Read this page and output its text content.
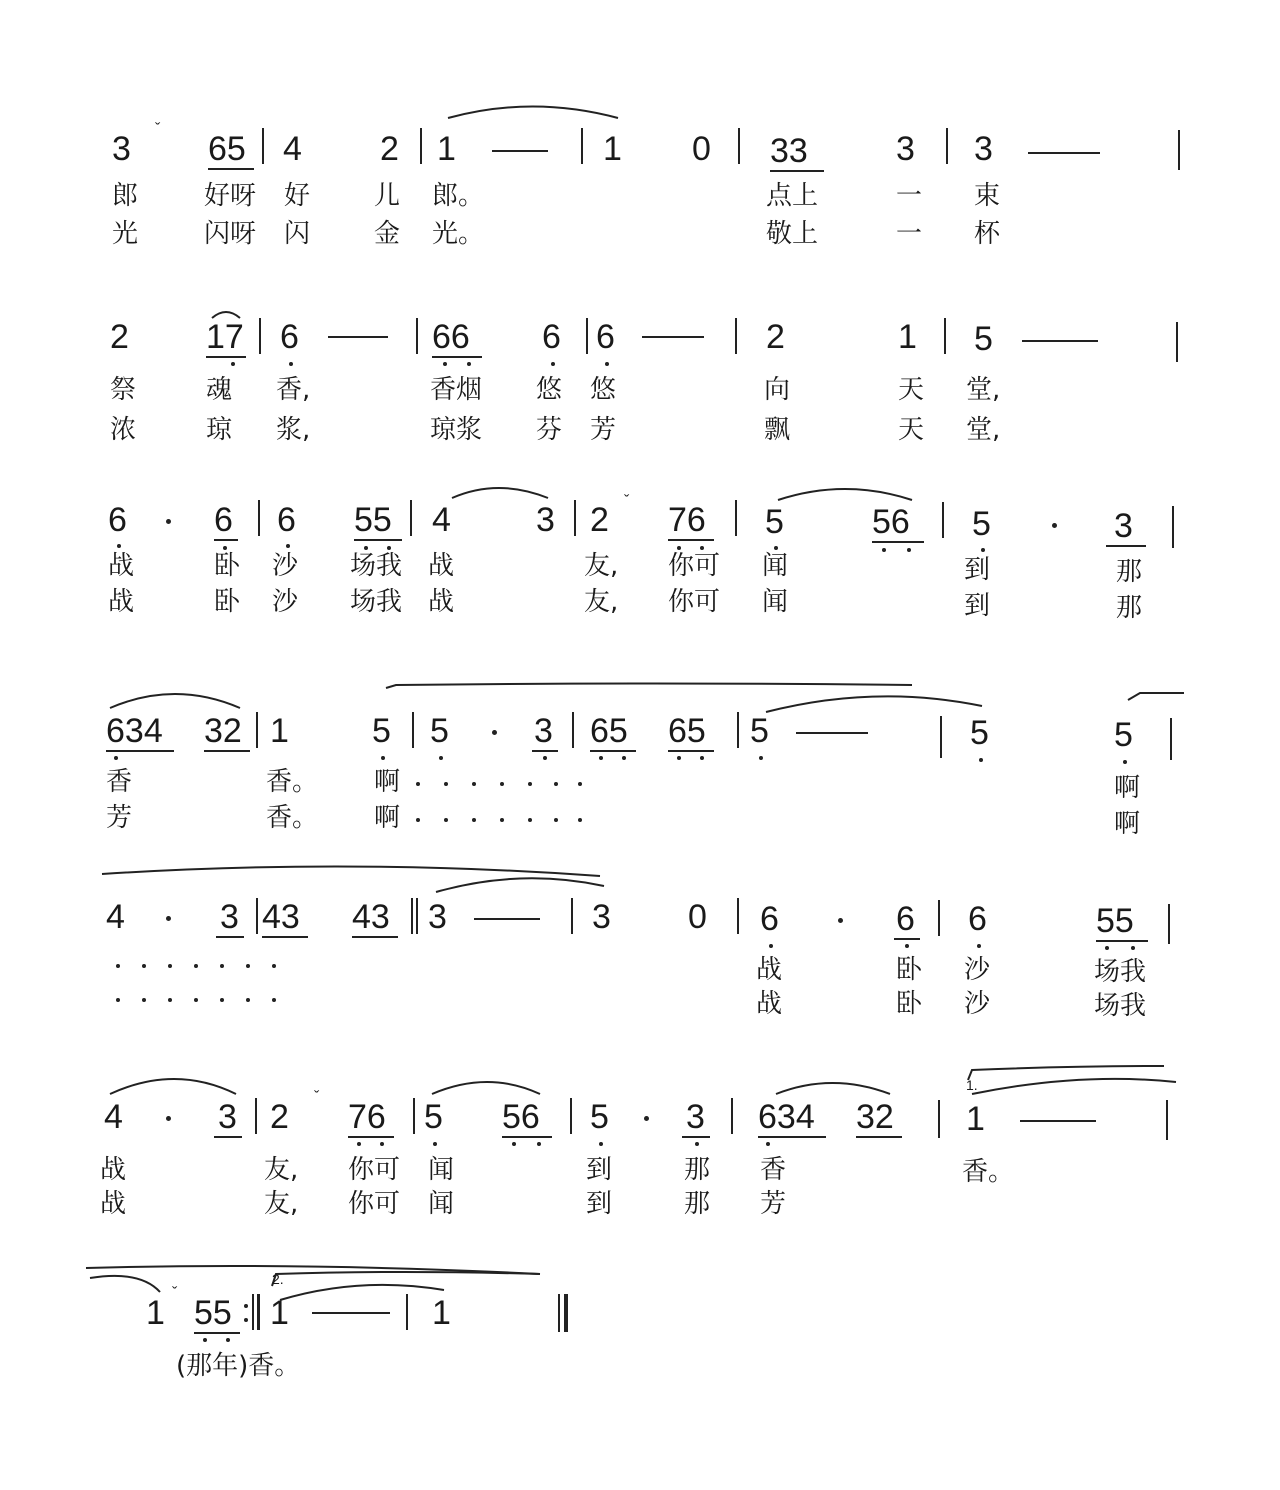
3
ˇ
65 4 2 1	1 0 33	3 3
郎	好呀 好 儿 郎。	点上	一 束
光	闪呀 闪 金 光。	敬上	一 杯
2 17 6	66 6 6	2	1 5
祭	魂 香,	香烟 悠 悠	向	天 堂,
浓	琼 浆,	琼浆 芬 芳	飘	天 堂,
6	6 6 55 4	3 2 ˇ 76 5	56 5	3
战	卧 沙 场我 战	友, 你可 闻	到	那
战	卧 沙 场我 战	友, 你可 闻	到	那
634 32 1 5 5	3 65 65 5	5	5
香	香。 啊	啊
芳	香。 啊	啊
4	3 43 43 3	3 0 6	6 6	55
战	卧 沙	场我
战	卧 沙	场我
4	3 2
ˇ
76 5 56 5 3 634 32 1
战	友, 你可 闻	到	那 香	香。
战	友, 你可 闻	到	那 芳
1.
1
ˇ
55 1	1
2.
(那年)香。
